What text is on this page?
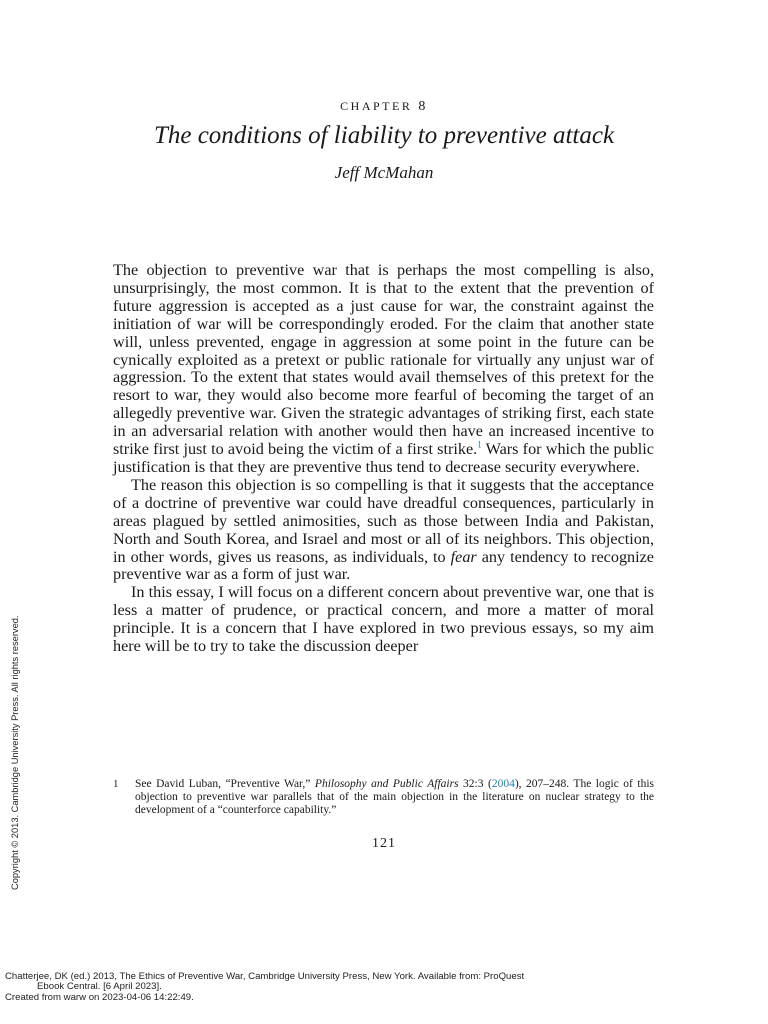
chapter 8
The conditions of liability to preventive attack
Jeff McMahan

The objection to preventive war that is perhaps the most compelling is also, unsurprisingly, the most common. It is that to the extent that the prevention of future aggression is accepted as a just cause for war, the constraint against the initiation of war will be correspondingly eroded. For the claim that another state will, unless prevented, engage in aggression at some point in the future can be cynically exploited as a pretext or public rationale for virtually any unjust war of aggression. To the extent that states would avail themselves of this pretext for the resort to war, they would also become more fearful of becoming the target of an allegedly preventive war. Given the strategic advantages of striking first, each state in an adversarial relation with another would then have an increased incentive to strike first just to avoid being the victim of a first strike.$^1$ Wars for which the public justification is that they are preventive thus tend to decrease security everywhere.

The reason this objection is so compelling is that it suggests that the acceptance of a doctrine of preventive war could have dreadful consequences, particularly in areas plagued by settled animosities, such as those between India and Pakistan, North and South Korea, and Israel and most or all of its neighbors. This objection, in other words, gives us reasons, as individuals, to fear any tendency to recognize preventive war as a form of just war.

In this essay, I will focus on a different concern about preventive war, one that is less a matter of prudence, or practical concern, and more a matter of moral principle. It is a concern that I have explored in two previous essays, so my aim here will be to try to take the discussion deeper

1 See David Luban, “Preventive War,” Philosophy and Public Affairs 32:3 (2004), 207–248. The logic of this objection to preventive war parallels that of the main objection in the literature on nuclear strategy to the development of a “counterforce capability.”
121
Copyright © 2013. Cambridge University Press. All rights reserved.
Chatterjee, DK (ed.) 2013, The Ethics of Preventive War, Cambridge University Press, New York. Available from: ProQuest
Ebook Central. [6 April 2023].
Created from warw on 2023-04-06 14:22:49.
